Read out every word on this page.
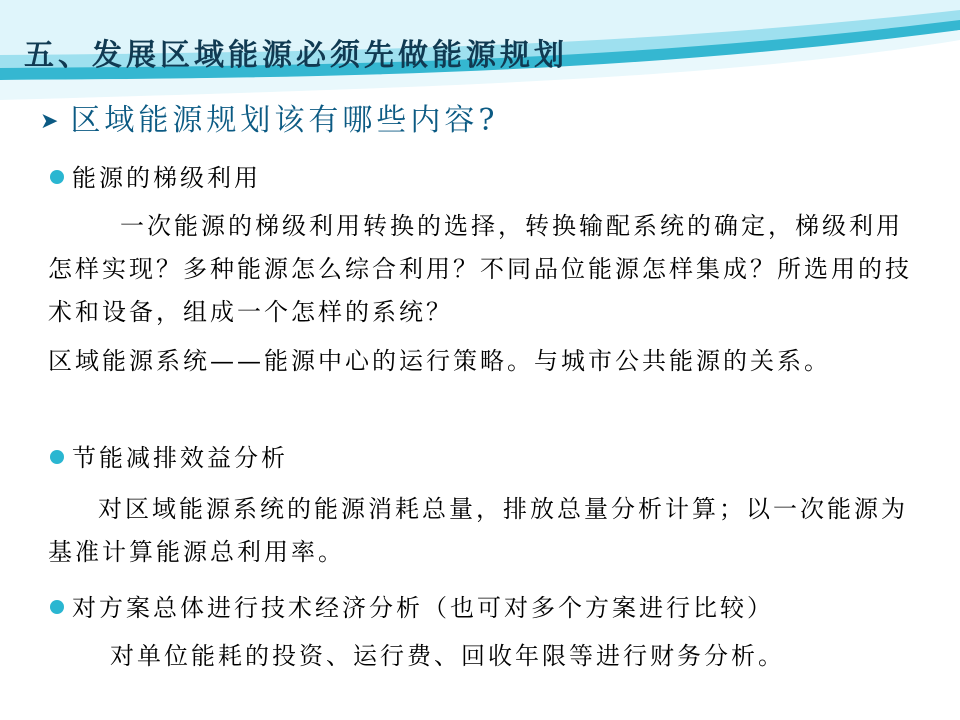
五、发展区域能源必须先做能源规划
➤ 区域能源规划该有哪些内容?
能源的梯级利用
一次能源的梯级利用转换的选择，转换输配系统的确定，梯级利用怎样实现？多种能源怎么综合利用？不同品位能源怎样集成？所选用的技术和设备，组成一个怎样的系统？
区域能源系统——能源中心的运行策略。与城市公共能源的关系。
节能减排效益分析
对区域能源系统的能源消耗总量，排放总量分析计算；以一次能源为基准计算能源总利用率。
对方案总体进行技术经济分析（也可对多个方案进行比较）
对单位能耗的投资、运行费、回收年限等进行财务分析。
